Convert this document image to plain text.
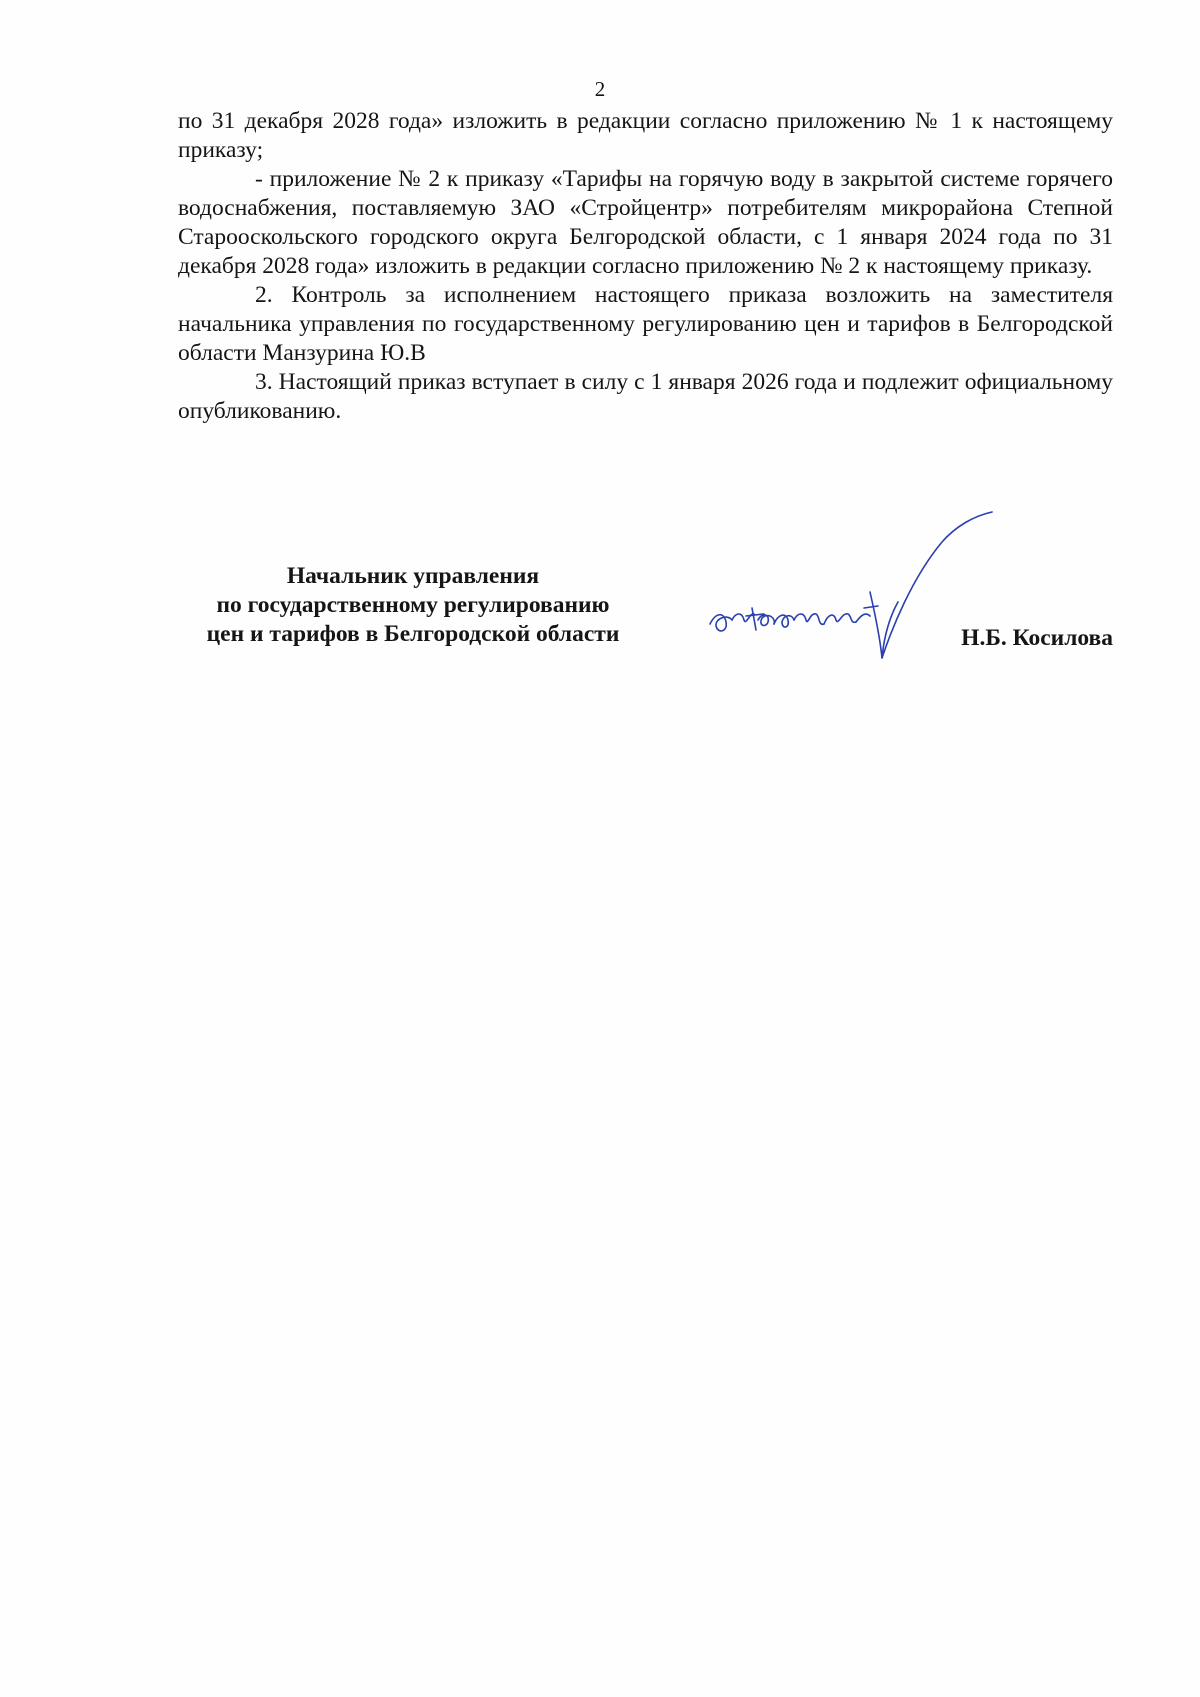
2

по 31 декабря 2028 года» изложить в редакции согласно приложению № 1 к настоящему приказу;

- приложение № 2 к приказу «Тарифы на горячую воду в закрытой системе горячего водоснабжения, поставляемую ЗАО «Стройцентр» потребителям микрорайона Степной Старооскольского городского округа Белгородской области, с 1 января 2024 года по 31 декабря 2028 года» изложить в редакции согласно приложению № 2 к настоящему приказу.

2. Контроль за исполнением настоящего приказа возложить на заместителя начальника управления по государственному регулированию цен и тарифов в Белгородской области Манзурина Ю.В

3. Настоящий приказ вступает в силу с 1 января 2026 года и подлежит официальному опубликованию.

Начальник управления
по государственному регулированию
цен и тарифов в Белгородской области	Н.Б. Косилова
